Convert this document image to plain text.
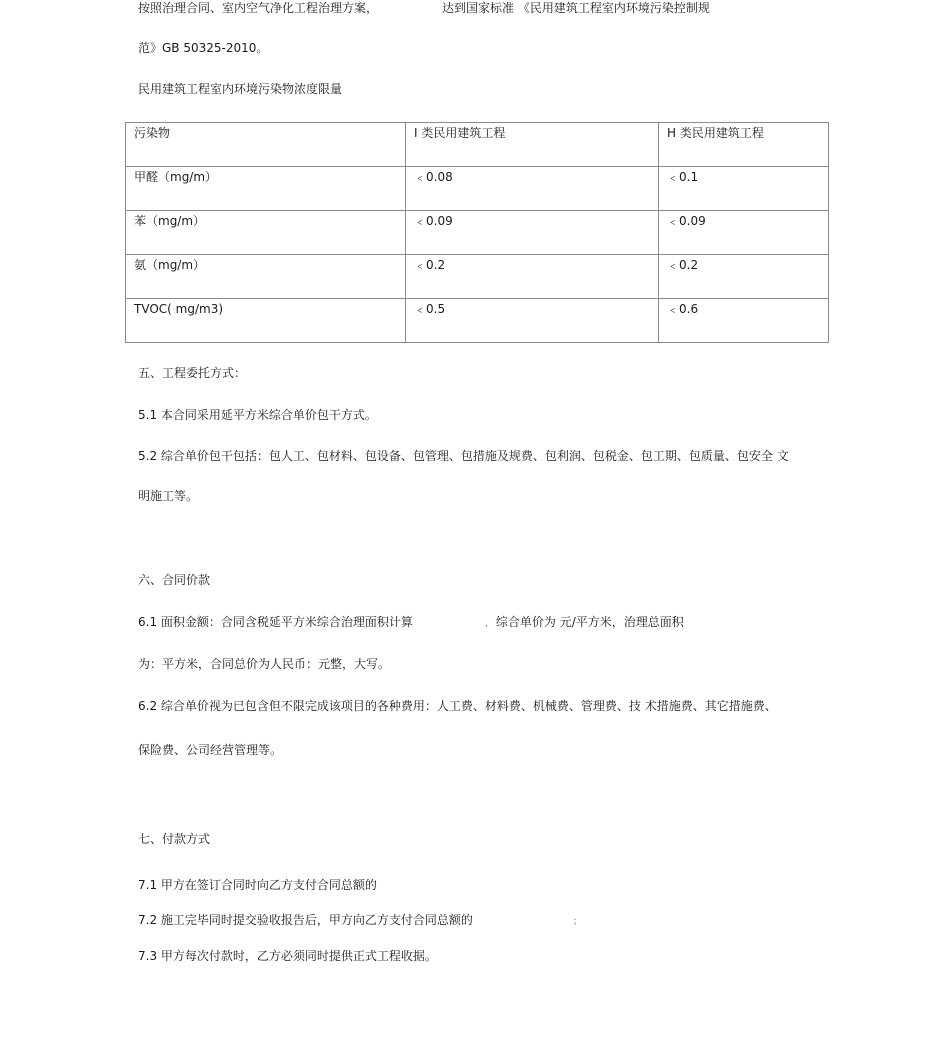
按照治理合同、室内空气净化工程治理方案，	达到国家标准 《民用建筑工程室内环境污染控制规
范》GB 50325-2010。
民用建筑工程室内环境污染物浓度限量
污染物	I 类民用建筑工程	H 类民用建筑工程
甲醛（mg/m）	﹤0.08	﹤0.1
苯（mg/m）	﹤0.09	﹤0.09
氨（mg/m）	﹤0.2	﹤0.2
TVOC( mg/m3)	﹤0.5	﹤0.6
五、工程委托方式：
5.1 本合同采用延平方米综合单价包干方式。
5.2 综合单价包干包括：包人工、包材料、包设备、包管理、包措施及规费、包利润、包税金、包工期、包质量、包安全 文
明施工等。
六、合同价款
6.1 面积金额：合同含税延平方米综合治理面积计算	， 综合单价为 元/平方米，治理总面积
为：平方米，合同总价为人民币：元整，大写。
6.2 综合单价视为已包含但不限完成该项目的各种费用：人工费、材料费、机械费、管理费、技 术措施费、其它措施费、
保险费、公司经营管理等。
七、付款方式
7.1 甲方在签订合同时向乙方支付合同总额的
7.2 施工完毕同时提交验收报告后，甲方向乙方支付合同总额的	；
7.3 甲方每次付款时，乙方必须同时提供正式工程收据。
